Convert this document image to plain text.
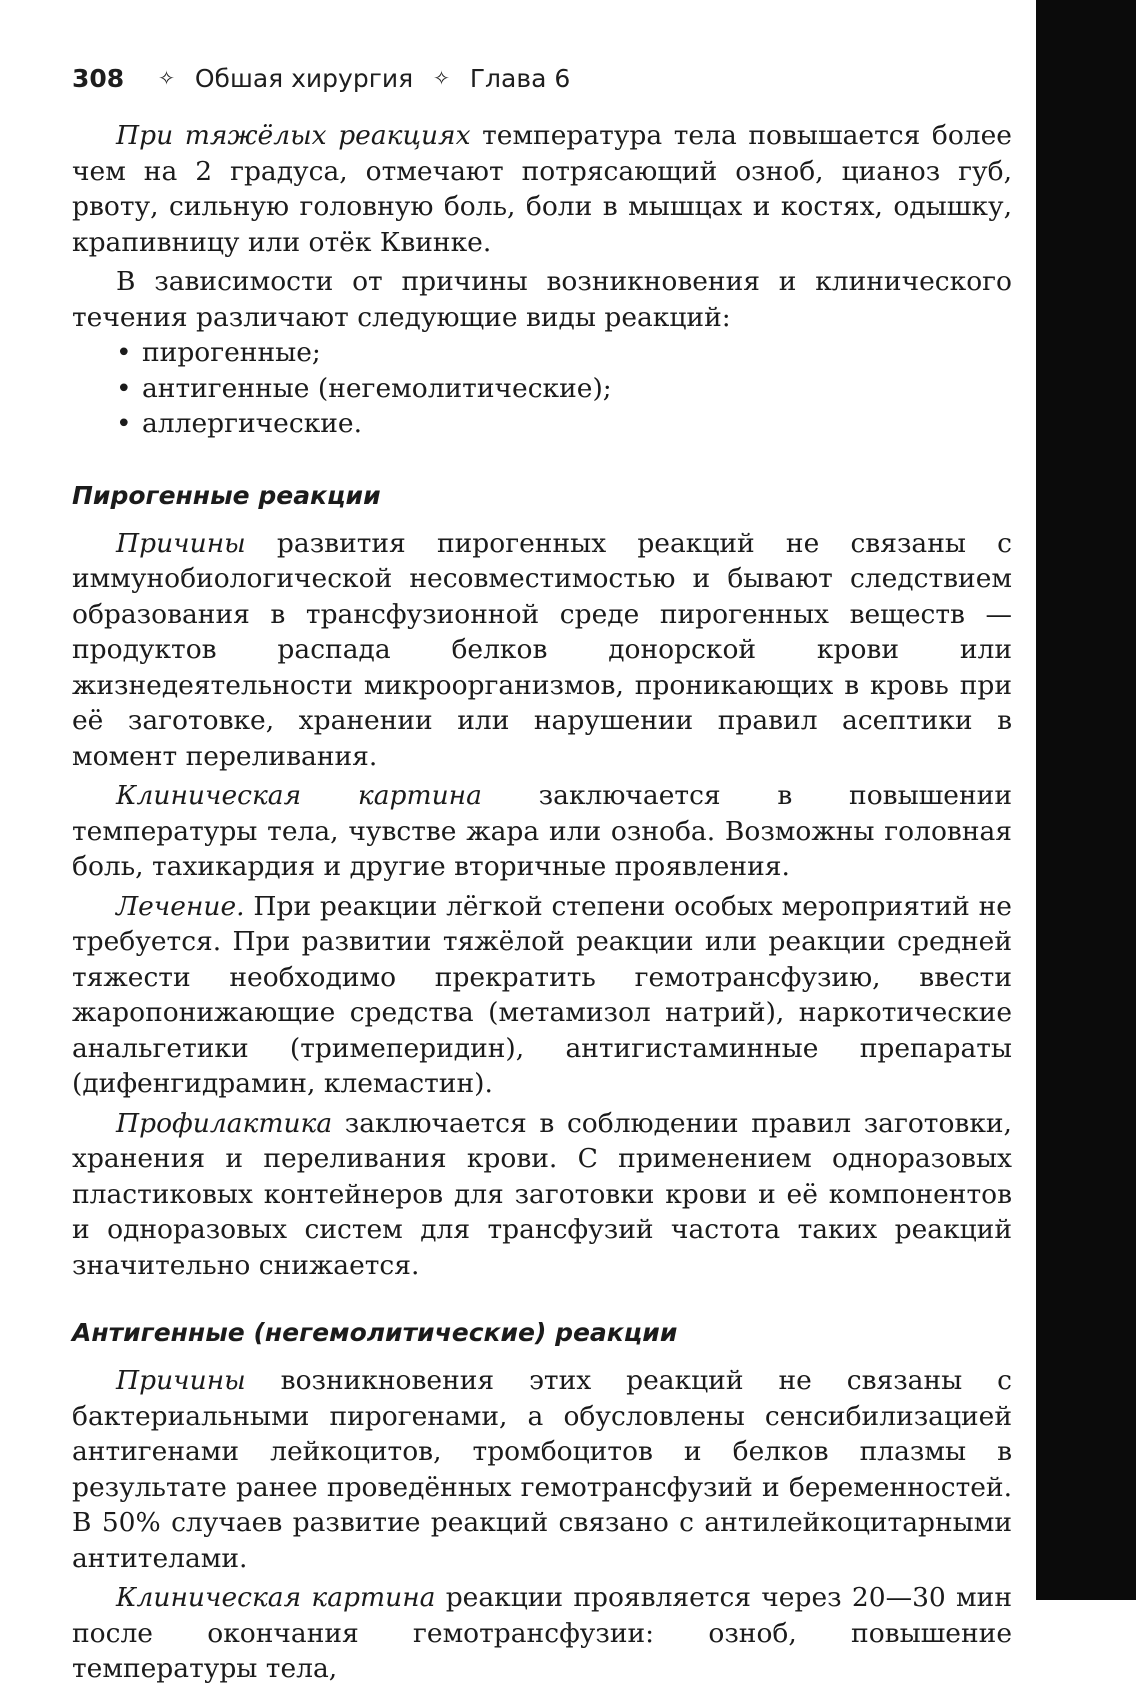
308 ✧ Обшая хирургия ✧ Глава 6

При тяжёлых реакциях температура тела повышается более чем на 2 градуса, отмечают потрясающий озноб, цианоз губ, рвоту, сильную головную боль, боли в мышцах и костях, одышку, крапивницу или отёк Квинке.

В зависимости от причины возникновения и клинического течения различают следующие виды реакций:

• пирогенные;
• антигенные (негемолитические);
• аллергические.
Пирогенные реакции

Причины развития пирогенных реакций не связаны с иммунобиологической несовместимостью и бывают следствием образования в трансфузионной среде пирогенных веществ — продуктов распада белков донорской крови или жизнедеятельности микроорганизмов, проникающих в кровь при её заготовке, хранении или нарушении правил асептики в момент переливания.

Клиническая картина заключается в повышении температуры тела, чувстве жара или озноба. Возможны головная боль, тахикардия и другие вторичные проявления.

Лечение. При реакции лёгкой степени особых мероприятий не требуется. При развитии тяжёлой реакции или реакции средней тяжести необходимо прекратить гемотрансфузию, ввести жаропонижающие средства (метамизол натрий), наркотические анальгетики (тримеперидин), антигистаминные препараты (дифенгидрамин, клемастин).

Профилактика заключается в соблюдении правил заготовки, хранения и переливания крови. С применением одноразовых пластиковых контейнеров для заготовки крови и её компонентов и одноразовых систем для трансфузий частота таких реакций значительно снижается.

Антигенные (негемолитические) реакции

Причины возникновения этих реакций не связаны с бактериальными пирогенами, а обусловлены сенсибилизацией антигенами лейкоцитов, тромбоцитов и белков плазмы в результате ранее проведённых гемотрансфузий и беременностей. В 50% случаев развитие реакций связано с антилейкоцитарными антителами.

Клиническая картина реакции проявляется через 20—30 мин после окончания гемотрансфузии: озноб, повышение температуры тела,
